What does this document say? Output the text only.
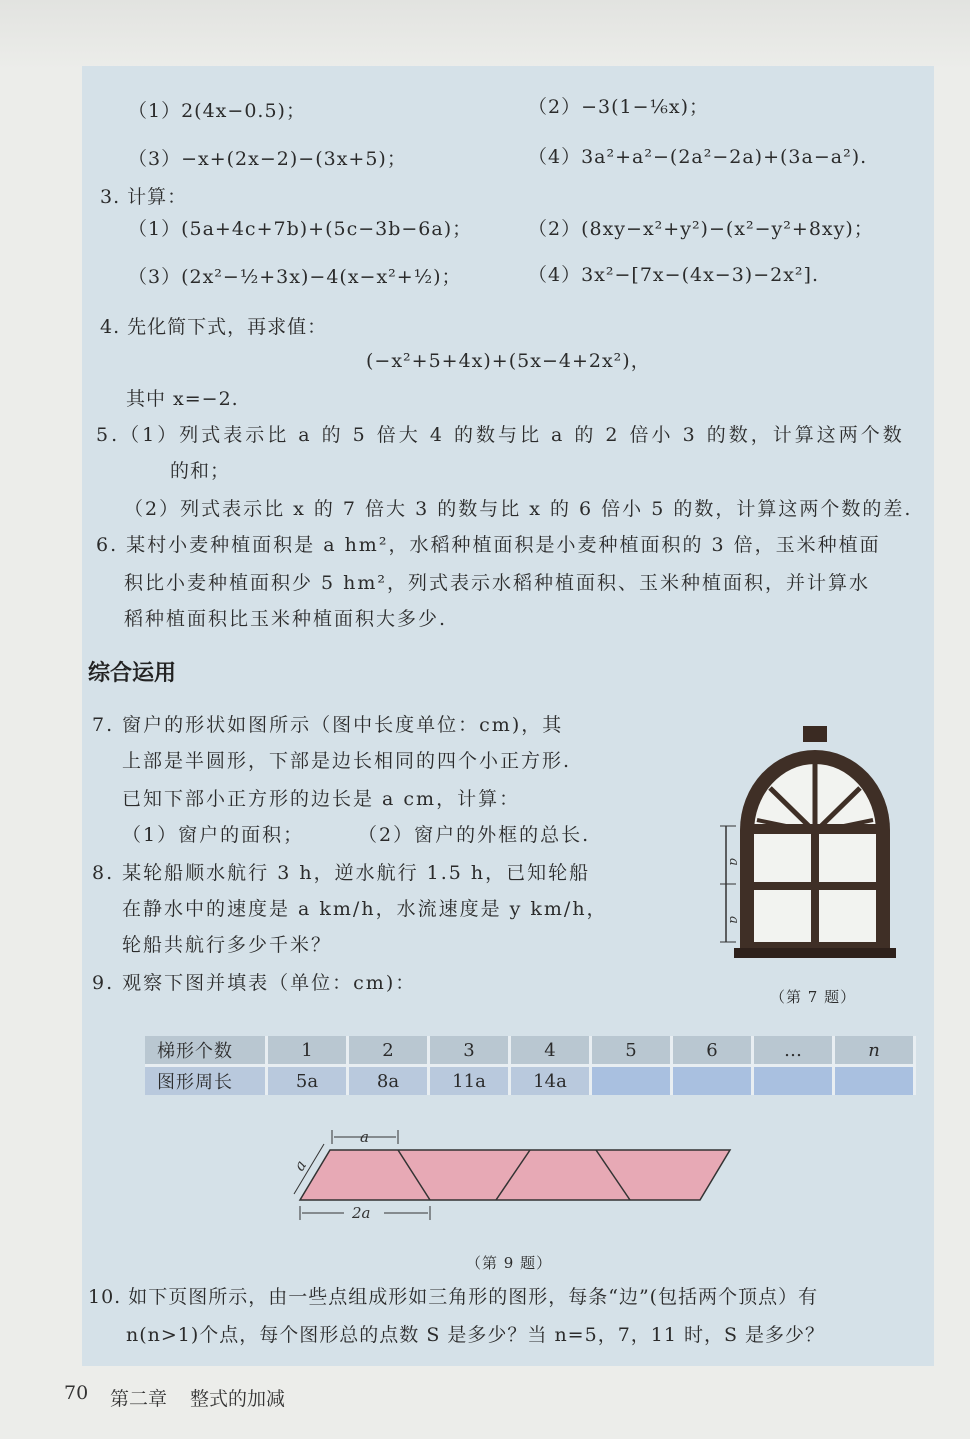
（1）2(4x−0.5)；	（2）−3(1−⅙x)；
（3）−x+(2x−2)−(3x+5)；	（4）3a²+a²−(2a²−2a)+(3a−a²).
3. 计算：
（1）(5a+4c+7b)+(5c−3b−6a)；	（2）(8xy−x²+y²)−(x²−y²+8xy)；
（3）(2x²−½+3x)−4(x−x²+½)；	（4）3x²−[7x−(4x−3)−2x²].
4. 先化简下式，再求值：
(−x²+5+4x)+(5x−4+2x²)，
其中 x=−2.
5.（1）列式表示比 a 的 5 倍大 4 的数与比 a 的 2 倍小 3 的数，计算这两个数
的和；
（2）列式表示比 x 的 7 倍大 3 的数与比 x 的 6 倍小 5 的数，计算这两个数的差.
6. 某村小麦种植面积是 a hm²，水稻种植面积是小麦种植面积的 3 倍，玉米种植面
积比小麦种植面积少 5 hm²，列式表示水稻种植面积、玉米种植面积，并计算水
稻种植面积比玉米种植面积大多少.
综合运用
7. 窗户的形状如图所示（图中长度单位：cm)，其
上部是半圆形，下部是边长相同的四个小正方形.
已知下部小正方形的边长是 a cm，计算：
（1）窗户的面积；	（2）窗户的外框的总长.
a
a
（第 7 题）
8. 某轮船顺水航行 3 h，逆水航行 1.5 h，已知轮船
在静水中的速度是 a km/h，水流速度是 y km/h，
轮船共航行多少千米？
9. 观察下图并填表（单位：cm)：
梯形个数	1	2	3	4	5	6	…	n
图形周长	5a	8a	11a	14a				
a
a
2a
（第 9 题）
10. 如下页图所示，由一些点组成形如三角形的图形，每条“边”(包括两个顶点）有
n(n>1)个点，每个图形总的点数 S 是多少？当 n=5，7，11 时，S 是多少？
70 第二章 整式的加减
